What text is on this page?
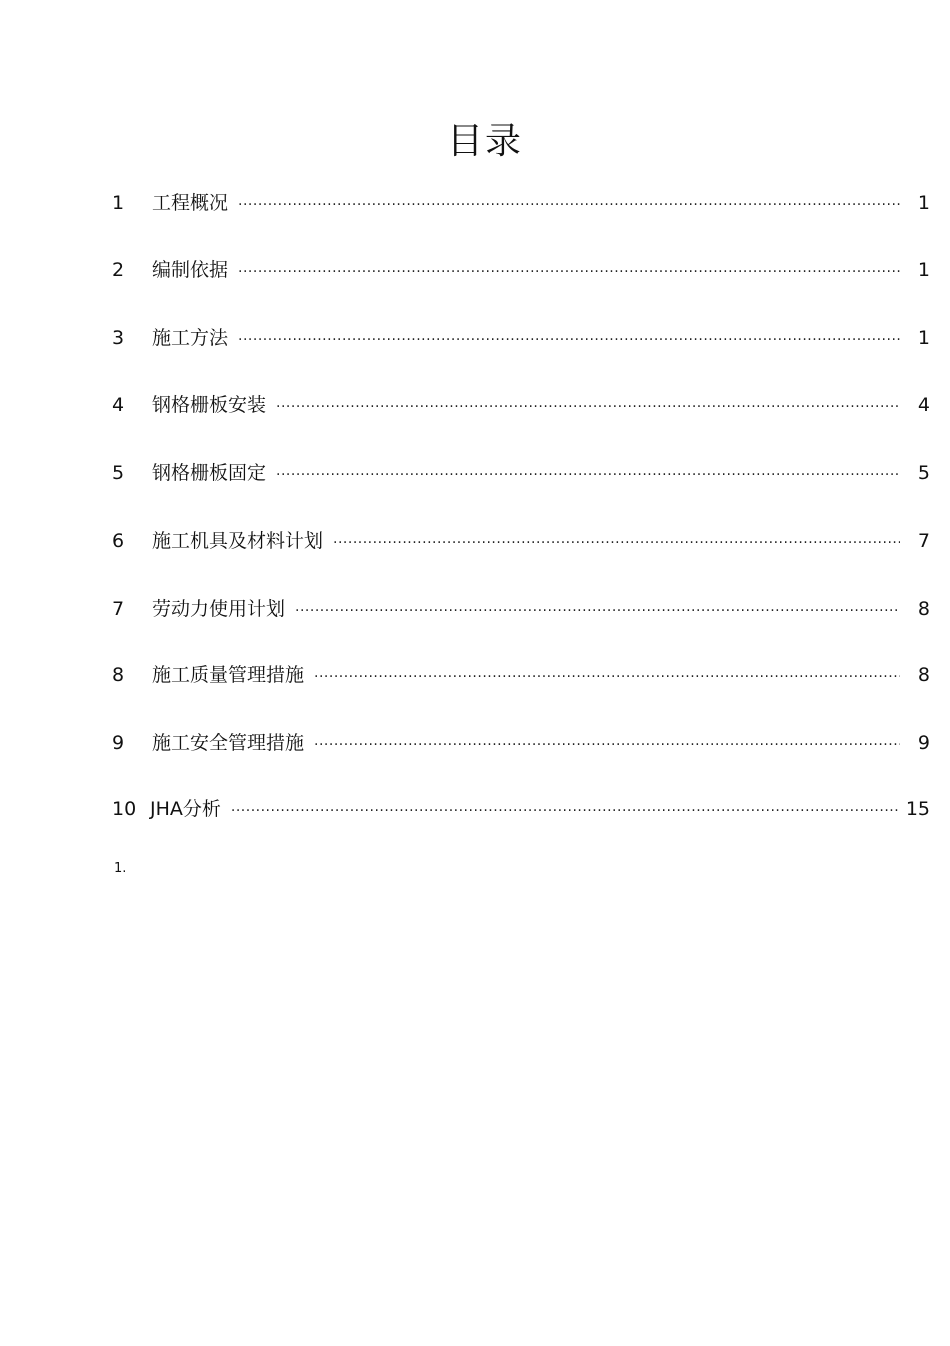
目录
1	工程概况 .....	1
2	编制依据 .....	1
3	施工方法 .....	1
4	钢格栅板安装 .....	4
5	钢格栅板固定 .....	5
6	施工机具及材料计划 .....	7
7	劳动力使用计划 .....	8
8	施工质量管理措施 .....	8
9	施工安全管理措施 .....	9
10 JHA分析 .....	15
1.
